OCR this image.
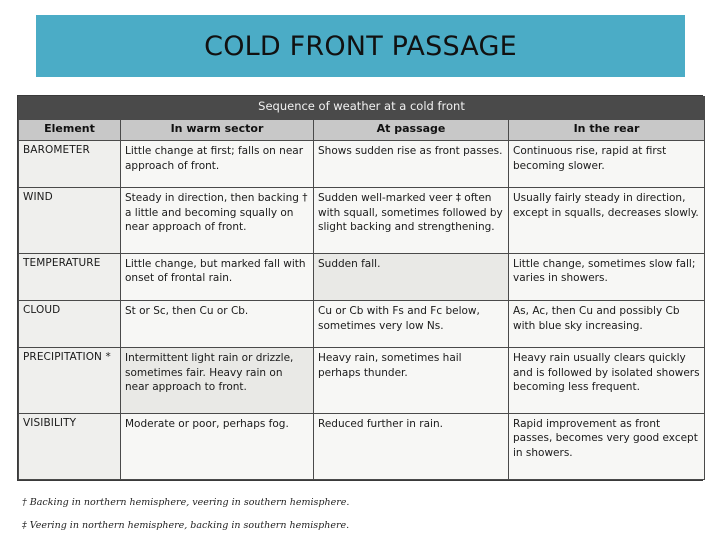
COLD FRONT PASSAGE
Sequence of weather at a cold front			
Element	In warm sector	At passage	In the rear
BAROMETER	Little change at first; falls on near approach of front.	Shows sudden rise as front passes.	Continuous rise, rapid at first becoming slower.
WIND	Steady in direction, then backing † a little and becoming squally on near approach of front.	Sudden well-marked veer ‡ often with squall, sometimes followed by slight backing and strengthening.	Usually fairly steady in direction, except in squalls, decreases slowly.
TEMPERATURE	Little change, but marked fall with onset of frontal rain.	Sudden fall.	Little change, sometimes slow fall; varies in showers.
CLOUD	St or Sc, then Cu or Cb.	Cu or Cb with Fs and Fc below, sometimes very low Ns.	As, Ac, then Cu and possibly Cb with blue sky increasing.
PRECIPITATION *	Intermittent light rain or drizzle, sometimes fair. Heavy rain on near approach to front.	Heavy rain, sometimes hail perhaps thunder.	Heavy rain usually clears quickly and is followed by isolated showers becoming less frequent.
VISIBILITY	Moderate or poor, perhaps fog.	Reduced further in rain.	Rapid improvement as front passes, becomes very good except in showers.
† Backing in northern hemisphere, veering in southern hemisphere.
‡ Veering in northern hemisphere, backing in southern hemisphere.
